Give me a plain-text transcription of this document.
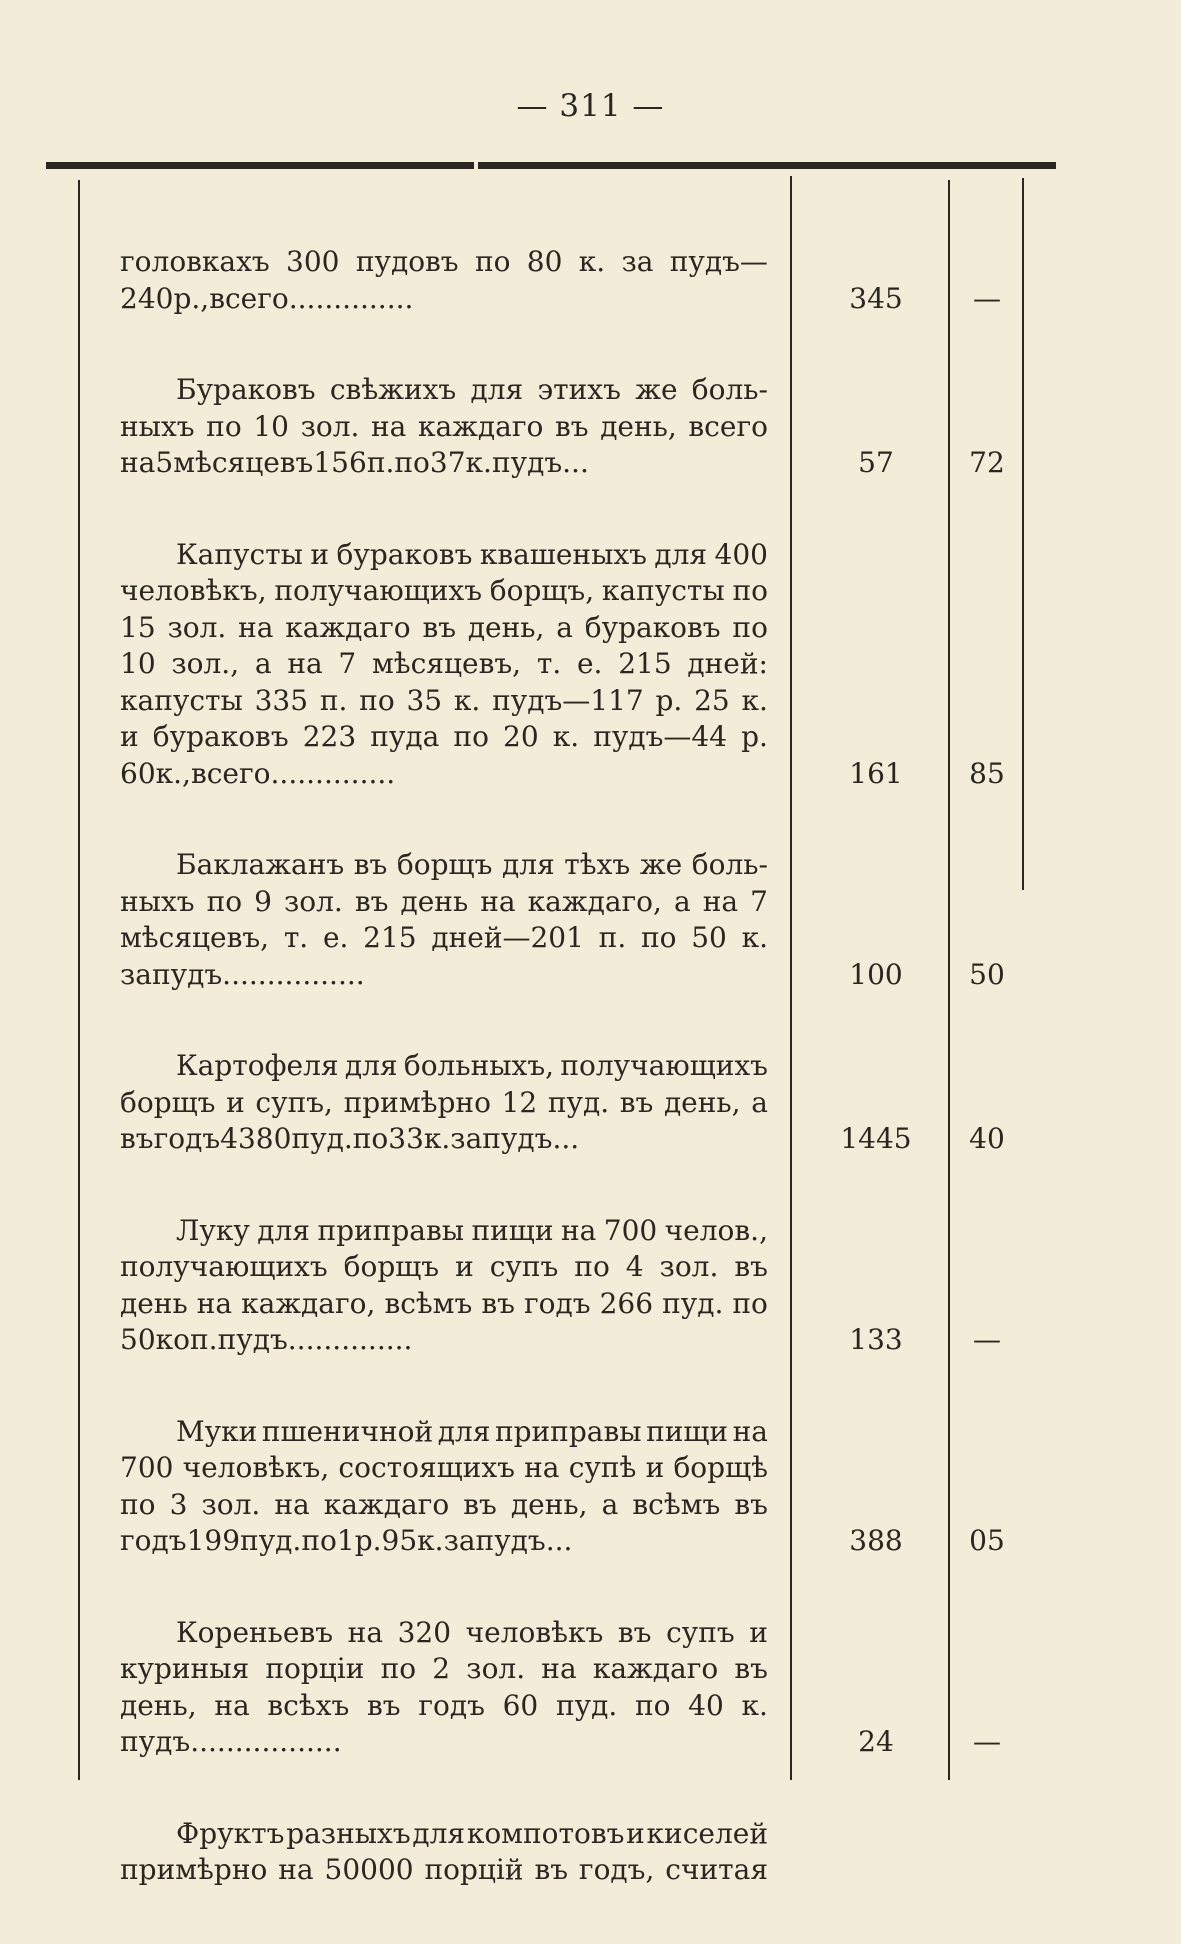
— 311 —
головкахъ 300 пудовъ по 80 к. за пудъ—
240 р., всего. . . . . . . . . . . . . .	345	—
Бураковъ свѣжихъ для этихъ же боль-
ныхъ по 10 зол. на каждаго въ день, всего
на 5 мѣсяцевъ 156 п. по 37 к. пудъ. . .	57	72
Капусты и бураковъ квашеныхъ для 400
человѣкъ, получающихъ борщъ, капусты по
15 зол. на каждаго въ день, а бураковъ по
10 зол., а на 7 мѣсяцевъ, т. е. 215 дней:
капусты 335 п. по 35 к. пудъ—117 р. 25 к.
и бураковъ 223 пуда по 20 к. пудъ—44 р.
60 к., всего . . . . . . . . . . . . . .	161	85
Баклажанъ въ борщъ для тѣхъ же боль-
ныхъ по 9 зол. въ день на каждаго, а на 7
мѣсяцевъ, т. е. 215 дней—201 п. по 50 к.
за пудъ . . . . . . . . . . . . . . . .	100	50
Картофеля для больныхъ, получающихъ
борщъ и супъ, примѣрно 12 пуд. въ день, а
въ годъ 4380 пуд. по 33 к. за пудъ . . .	1445	40
Луку для приправы пищи на 700 челов.,
получающихъ борщъ и супъ по 4 зол. въ
день на каждаго, всѣмъ въ годъ 266 пуд. по
50 коп. пудъ. . . . . . . . . . . . . .	133	—
Муки пшеничной для приправы пищи на
700 человѣкъ, состоящихъ на супѣ и борщѣ
по 3 зол. на каждаго въ день, а всѣмъ въ
годъ 199 пуд. по 1 р. 95 к. за пудъ. . .	388	05
Кореньевъ на 320 человѣкъ въ супъ и
куриныя порціи по 2 зол. на каждаго въ
день, на всѣхъ въ годъ 60 пуд. по 40 к.
пудъ. . . . . . . . . . . . . . . . .	24	—
Фруктъ разныхъ для компотовъ и киселей
примѣрно на 50000 порцій въ годъ, считая
